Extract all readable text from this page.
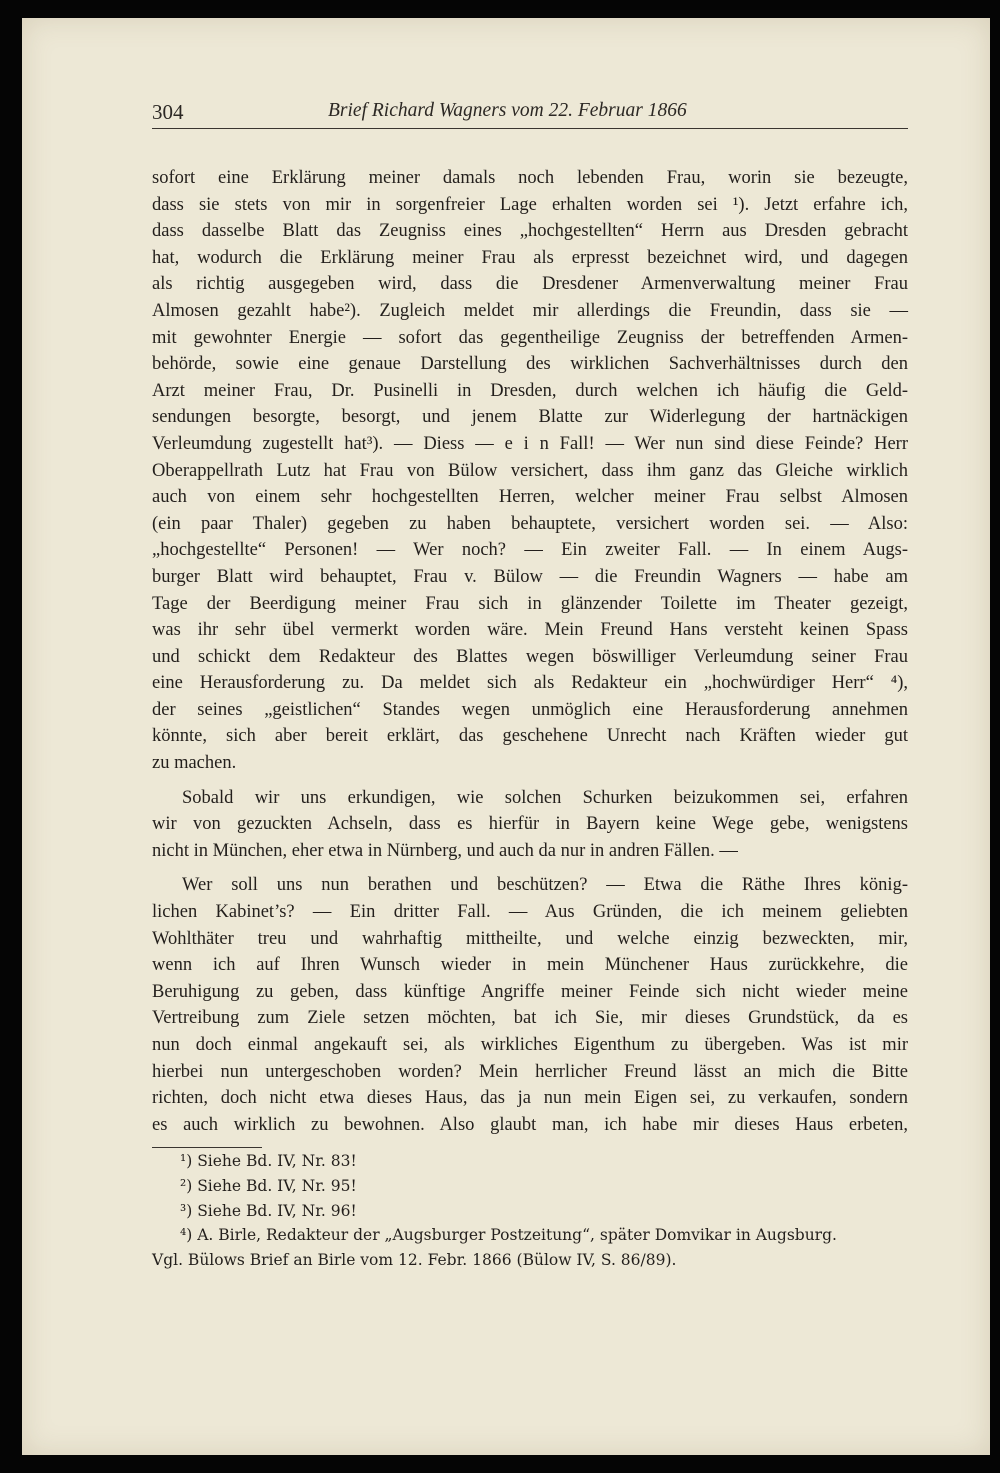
304	Brief Richard Wagners vom 22. Februar 1866

sofort eine Erklärung meiner damals noch lebenden Frau, worin sie bezeugte,

dass sie stets von mir in sorgenfreier Lage erhalten worden sei ¹). Jetzt erfahre ich,

dass dasselbe Blatt das Zeugniss eines „hochgestellten“ Herrn aus Dresden gebracht

hat, wodurch die Erklärung meiner Frau als erpresst bezeichnet wird, und dagegen

als richtig ausgegeben wird, dass die Dresdener Armenverwaltung meiner Frau

Almosen gezahlt habe²). Zugleich meldet mir allerdings die Freundin, dass sie —

mit gewohnter Energie — sofort das gegentheilige Zeugniss der betreffenden Armen-

behörde, sowie eine genaue Darstellung des wirklichen Sachverhältnisses durch den

Arzt meiner Frau, Dr. Pusinelli in Dresden, durch welchen ich häufig die Geld-

sendungen besorgte, besorgt, und jenem Blatte zur Widerlegung der hartnäckigen

Verleumdung zugestellt hat³). — Diess — e i n Fall! — Wer nun sind diese Feinde? Herr

Oberappellrath Lutz hat Frau von Bülow versichert, dass ihm ganz das Gleiche wirklich

auch von einem sehr hochgestellten Herren, welcher meiner Frau selbst Almosen

(ein paar Thaler) gegeben zu haben behauptete, versichert worden sei. — Also:

„hochgestellte“ Personen! — Wer noch? — Ein zweiter Fall. — In einem Augs-

burger Blatt wird behauptet, Frau v. Bülow — die Freundin Wagners — habe am

Tage der Beerdigung meiner Frau sich in glänzender Toilette im Theater gezeigt,

was ihr sehr übel vermerkt worden wäre. Mein Freund Hans versteht keinen Spass

und schickt dem Redakteur des Blattes wegen böswilliger Verleumdung seiner Frau

eine Herausforderung zu. Da meldet sich als Redakteur ein „hochwürdiger Herr“ ⁴),

der seines „geistlichen“ Standes wegen unmöglich eine Herausforderung annehmen

könnte, sich aber bereit erklärt, das geschehene Unrecht nach Kräften wieder gut

zu machen.

Sobald wir uns erkundigen, wie solchen Schurken beizukommen sei, erfahren

wir von gezuckten Achseln, dass es hierfür in Bayern keine Wege gebe, wenigstens

nicht in München, eher etwa in Nürnberg, und auch da nur in andren Fällen. —

Wer soll uns nun berathen und beschützen? — Etwa die Räthe Ihres könig-

lichen Kabinet’s? — Ein dritter Fall. — Aus Gründen, die ich meinem geliebten

Wohlthäter treu und wahrhaftig mittheilte, und welche einzig bezweckten, mir,

wenn ich auf Ihren Wunsch wieder in mein Münchener Haus zurückkehre, die

Beruhigung zu geben, dass künftige Angriffe meiner Feinde sich nicht wieder meine

Vertreibung zum Ziele setzen möchten, bat ich Sie, mir dieses Grundstück, da es

nun doch einmal angekauft sei, als wirkliches Eigenthum zu übergeben. Was ist mir

hierbei nun untergeschoben worden? Mein herrlicher Freund lässt an mich die Bitte

richten, doch nicht etwa dieses Haus, das ja nun mein Eigen sei, zu verkaufen, sondern

es auch wirklich zu bewohnen. Also glaubt man, ich habe mir dieses Haus erbeten,

¹) Siehe Bd. IV, Nr. 83!
²) Siehe Bd. IV, Nr. 95!
³) Siehe Bd. IV, Nr. 96!
⁴) A. Birle, Redakteur der „Augsburger Postzeitung“, später Domvikar in Augsburg.
Vgl. Bülows Brief an Birle vom 12. Febr. 1866 (Bülow IV, S. 86/89).
